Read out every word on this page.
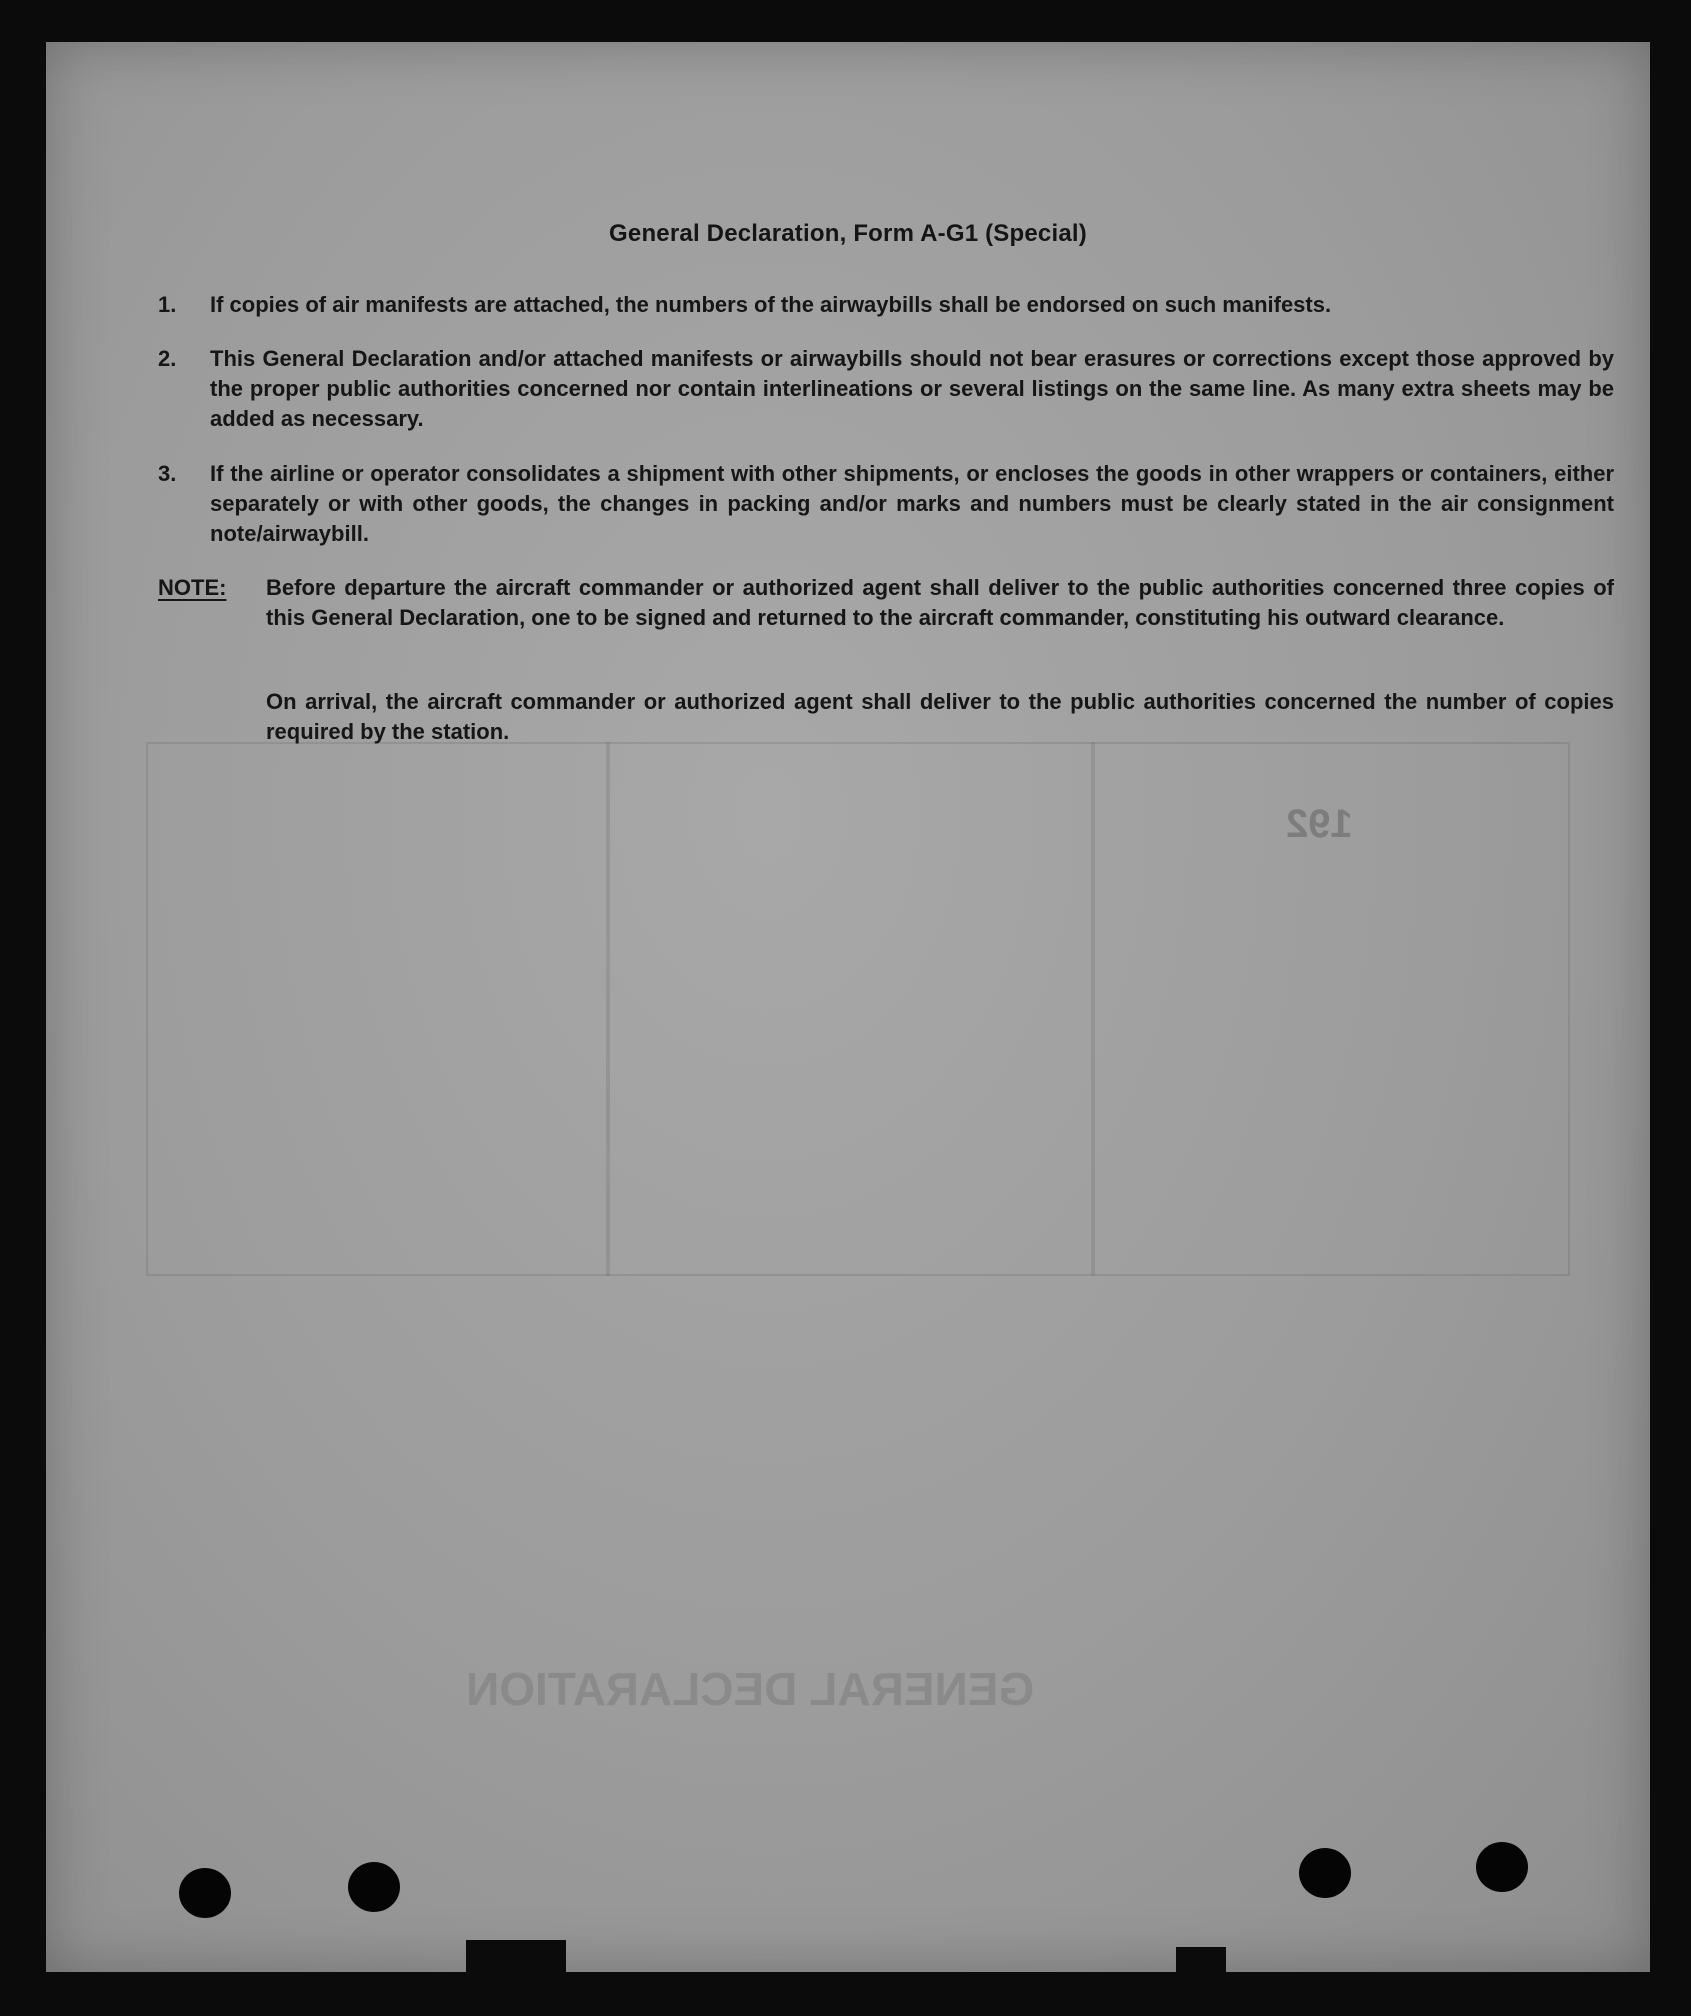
GENERAL DECLARATION
192
General Declaration, Form A-G1 (Special)
1.	If copies of air manifests are attached, the numbers of the airwaybills shall be endorsed on such manifests.
2.	This General Declaration and/or attached manifests or airwaybills should not bear erasures or corrections except those approved by the proper public authorities concerned nor contain interlineations or several listings on the same line. As many extra sheets may be added as necessary.
3.	If the airline or operator consolidates a shipment with other shipments, or encloses the goods in other wrappers or containers, either separately or with other goods, the changes in packing and/or marks and numbers must be clearly stated in the air consignment note/airwaybill.
NOTE:	Before departure the aircraft commander or authorized agent shall deliver to the public authorities concerned three copies of this General Declaration, one to be signed and returned to the aircraft commander, constituting his outward clearance.
On arrival, the aircraft commander or authorized agent shall deliver to the public authorities concerned the number of copies required by the station.
